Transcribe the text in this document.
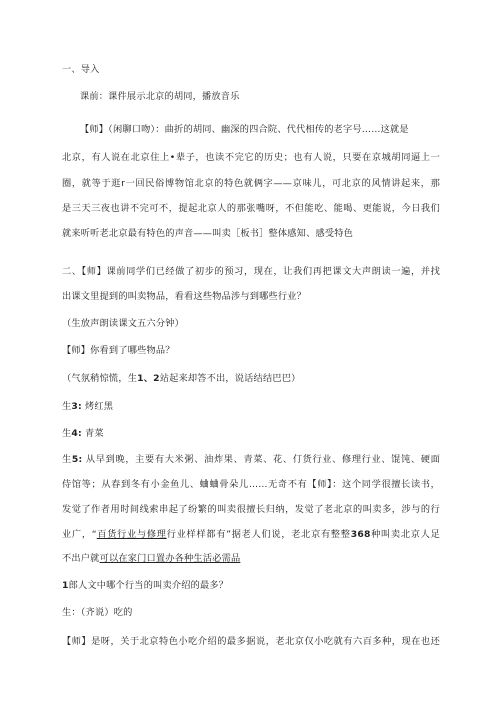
一、导入
课前：课件展示北京的胡同，播放音乐
【师】（闲聊口吻）：曲折的胡同、幽深的四合院、代代相传的老字号……这就是
北京，有人说在北京住上•辈子，也读不完它的历史；也有人说，只要在京城胡同逼上一
圈，就等于逛r一回民俗博物馆北京的特色就俩字——京味儿，可北京的风情讲起来，那
是三天三夜也讲不完可不，提起北京人的那张嘴呀，不但能吃、能喝、更能说，今日我们
就来听听老北京最有特色的声音——叫卖［板书］整体感知、感受特色
二、【师】课前同学们已经做了初步的预习，现在，让我们再把课文大声朗读一遍，并找
出课文里提到的叫卖物品，看看这些物品涉与到哪些行业？
（生放声朗读课文五六分钟）
【师】你看到了哪些物品？
（气氛稍惊慌，生1、2站起来却答不出，说话结结巴巴）
生3: 烤红黑
生4: 青菜
生5: 从早到晚，主要有大米粥、油炸果、青菜、花、仃货行业、修理行业、馄饨、硬面
侍馆等；从春到冬有小金鱼儿、蛐蛐骨朵儿……无奇不有【师】：这个同学很擅长读书，
发觉了作者用时间线索串起了纷繁的叫卖很擅长归纳，发觉了老北京的叫卖多，涉与的行
业广，“百货行业与修理行业样样都有”据老人们说，老北京有整整368种叫卖北京人足
不出户就可以在家门口置办各种生活必需品
1郎人文中哪个行当的叫卖介绍的最多？
生：（齐说）吃的
【师】是呀，关于北京特色小吃介绍的最多据说，老北京仅小吃就有六百多种，现在也还
